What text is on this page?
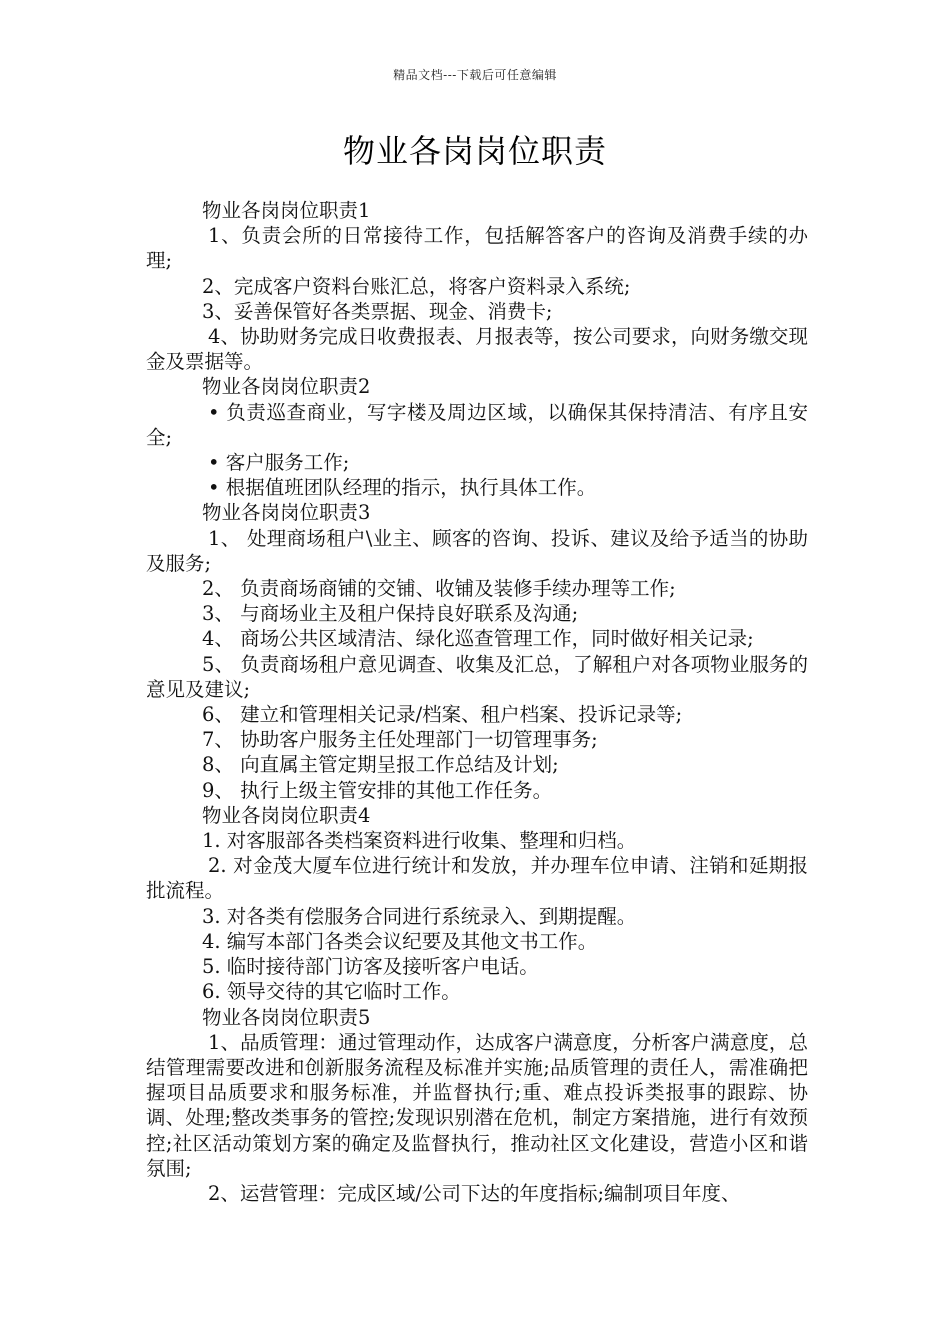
精品文档---下载后可任意编辑
物业各岗岗位职责

物业各岗岗位职责1

1、负责会所的日常接待工作，包括解答客户的咨询及消费手续的办理;

2、完成客户资料台账汇总，将客户资料录入系统;

3、妥善保管好各类票据、现金、消费卡;

4、协助财务完成日收费报表、月报表等，按公司要求，向财务缴交现金及票据等。

物业各岗岗位职责2

• 负责巡查商业，写字楼及周边区域，以确保其保持清洁、有序且安全;

• 客户服务工作;

• 根据值班团队经理的指示，执行具体工作。

物业各岗岗位职责3

1、 处理商场租户\业主、顾客的咨询、投诉、建议及给予适当的协助及服务;

2、 负责商场商铺的交铺、收铺及装修手续办理等工作;

3、 与商场业主及租户保持良好联系及沟通;

4、 商场公共区域清洁、绿化巡查管理工作，同时做好相关记录;

5、 负责商场租户意见调查、收集及汇总，了解租户对各项物业服务的意见及建议;

6、 建立和管理相关记录/档案、租户档案、投诉记录等;

7、 协助客户服务主任处理部门一切管理事务;

8、 向直属主管定期呈报工作总结及计划;

9、 执行上级主管安排的其他工作任务。

物业各岗岗位职责4

1. 对客服部各类档案资料进行收集、整理和归档。

2. 对金茂大厦车位进行统计和发放，并办理车位申请、注销和延期报批流程。

3. 对各类有偿服务合同进行系统录入、到期提醒。

4. 编写本部门各类会议纪要及其他文书工作。

5. 临时接待部门访客及接听客户电话。

6. 领导交待的其它临时工作。

物业各岗岗位职责5

1、品质管理：通过管理动作，达成客户满意度，分析客户满意度，总结管理需要改进和创新服务流程及标准并实施;品质管理的责任人，需准确把握项目品质要求和服务标准，并监督执行;重、难点投诉类报事的跟踪、协调、处理;整改类事务的管控;发现识别潜在危机，制定方案措施，进行有效预控;社区活动策划方案的确定及监督执行，推动社区文化建设，营造小区和谐氛围;

2、运营管理：完成区域/公司下达的年度指标;编制项目年度、
